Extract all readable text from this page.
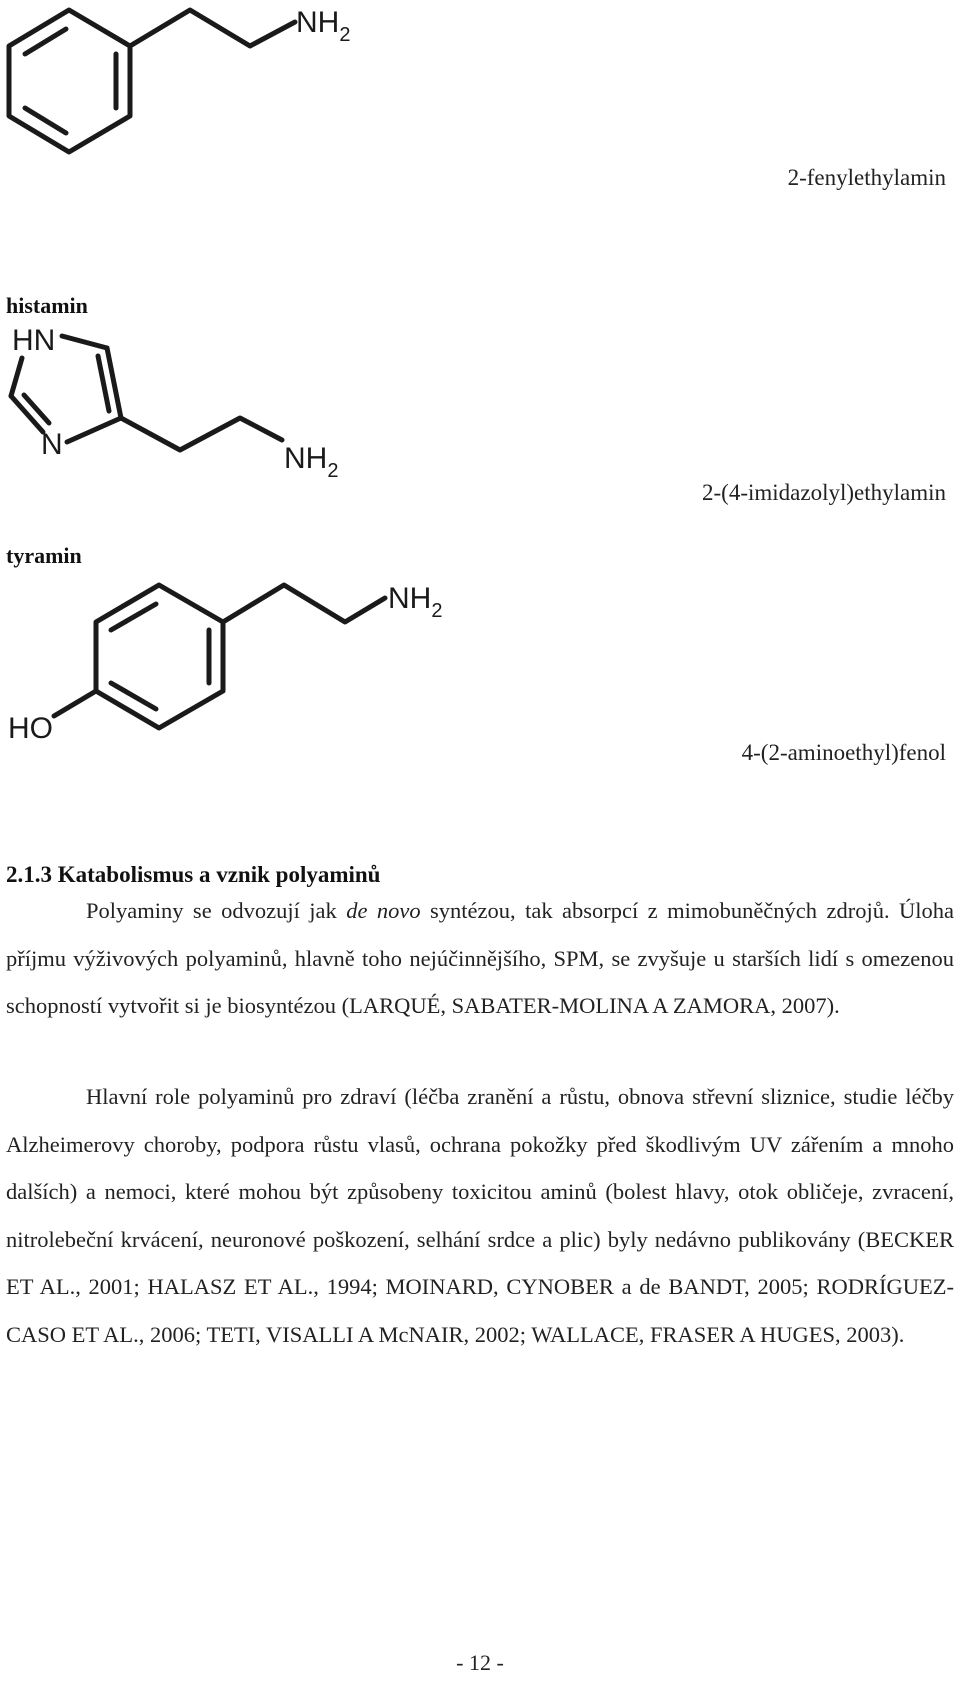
$NH_2$
2-fenylethylamin
histamin
HN
N	$NH_2$
2-(4-imidazolyl)ethylamin
tyramin
$NH_2$
HO
4-(2-aminoethyl)fenol
2.1.3 Katabolismus a vznik polyaminů

Polyaminy se odvozují jak de novo syntézou, tak absorpcí z mimobuněčných zdrojů. Úloha příjmu výživových polyaminů, hlavně toho nejúčinnějšího, SPM, se zvyšuje u starších lidí s omezenou schopností vytvořit si je biosyntézou (LARQUÉ, SABATER-MOLINA A ZAMORA, 2007).

Hlavní role polyaminů pro zdraví (léčba zranění a růstu, obnova střevní sliznice, studie léčby Alzheimerovy choroby, podpora růstu vlasů, ochrana pokožky před škodlivým UV zářením a mnoho dalších) a nemoci, které mohou být způsobeny toxicitou aminů (bolest hlavy, otok obličeje, zvracení, nitrolebeční krvácení, neuronové poškození, selhání srdce a plic) byly nedávno publikovány (BECKER ET AL., 2001; HALASZ ET AL., 1994; MOINARD, CYNOBER a de BANDT, 2005; RODRÍGUEZ-CASO ET AL., 2006; TETI, VISALLI A McNAIR, 2002; WALLACE, FRASER A HUGES, 2003).

- 12 -
